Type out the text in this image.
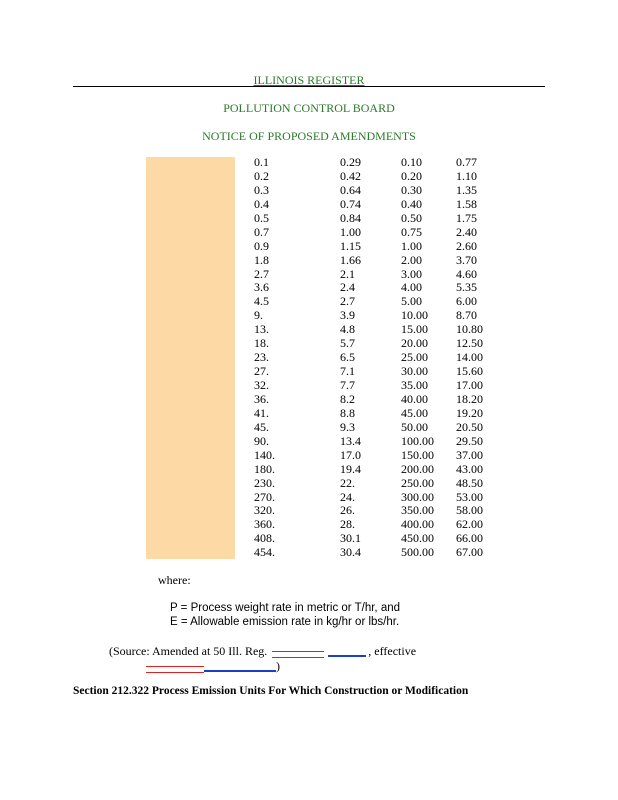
ILLINOIS REGISTER
POLLUTION CONTROL BOARD
NOTICE OF PROPOSED AMENDMENTS
0.1
0.2
0.3
0.4
0.5
0.7
0.9
1.8
2.7
3.6
4.5
9.
13.
18.
23.
27.
32.
36.
41.
45.
90.
140.
180.
230.
270.
320.
360.
408.
454.
0.29
0.42
0.64
0.74
0.84
1.00
1.15
1.66
2.1
2.4
2.7
3.9
4.8
5.7
6.5
7.1
7.7
8.2
8.8
9.3
13.4
17.0
19.4
22.
24.
26.
28.
30.1
30.4
0.10
0.20
0.30
0.40
0.50
0.75
1.00
2.00
3.00
4.00
5.00
10.00
15.00
20.00
25.00
30.00
35.00
40.00
45.00
50.00
100.00
150.00
200.00
250.00
300.00
350.00
400.00
450.00
500.00
0.77
1.10
1.35
1.58
1.75
2.40
2.60
3.70
4.60
5.35
6.00
8.70
10.80
12.50
14.00
15.60
17.00
18.20
19.20
20.50
29.50
37.00
43.00
48.50
53.00
58.00
62.00
66.00
67.00
where:
P = Process weight rate in metric or T/hr, and
E = Allowable emission rate in kg/hr or lbs/hr.
(Source: Amended at 50 Ill. Reg.	, effective
)
Section 212.322 Process Emission Units For Which Construction or Modification
